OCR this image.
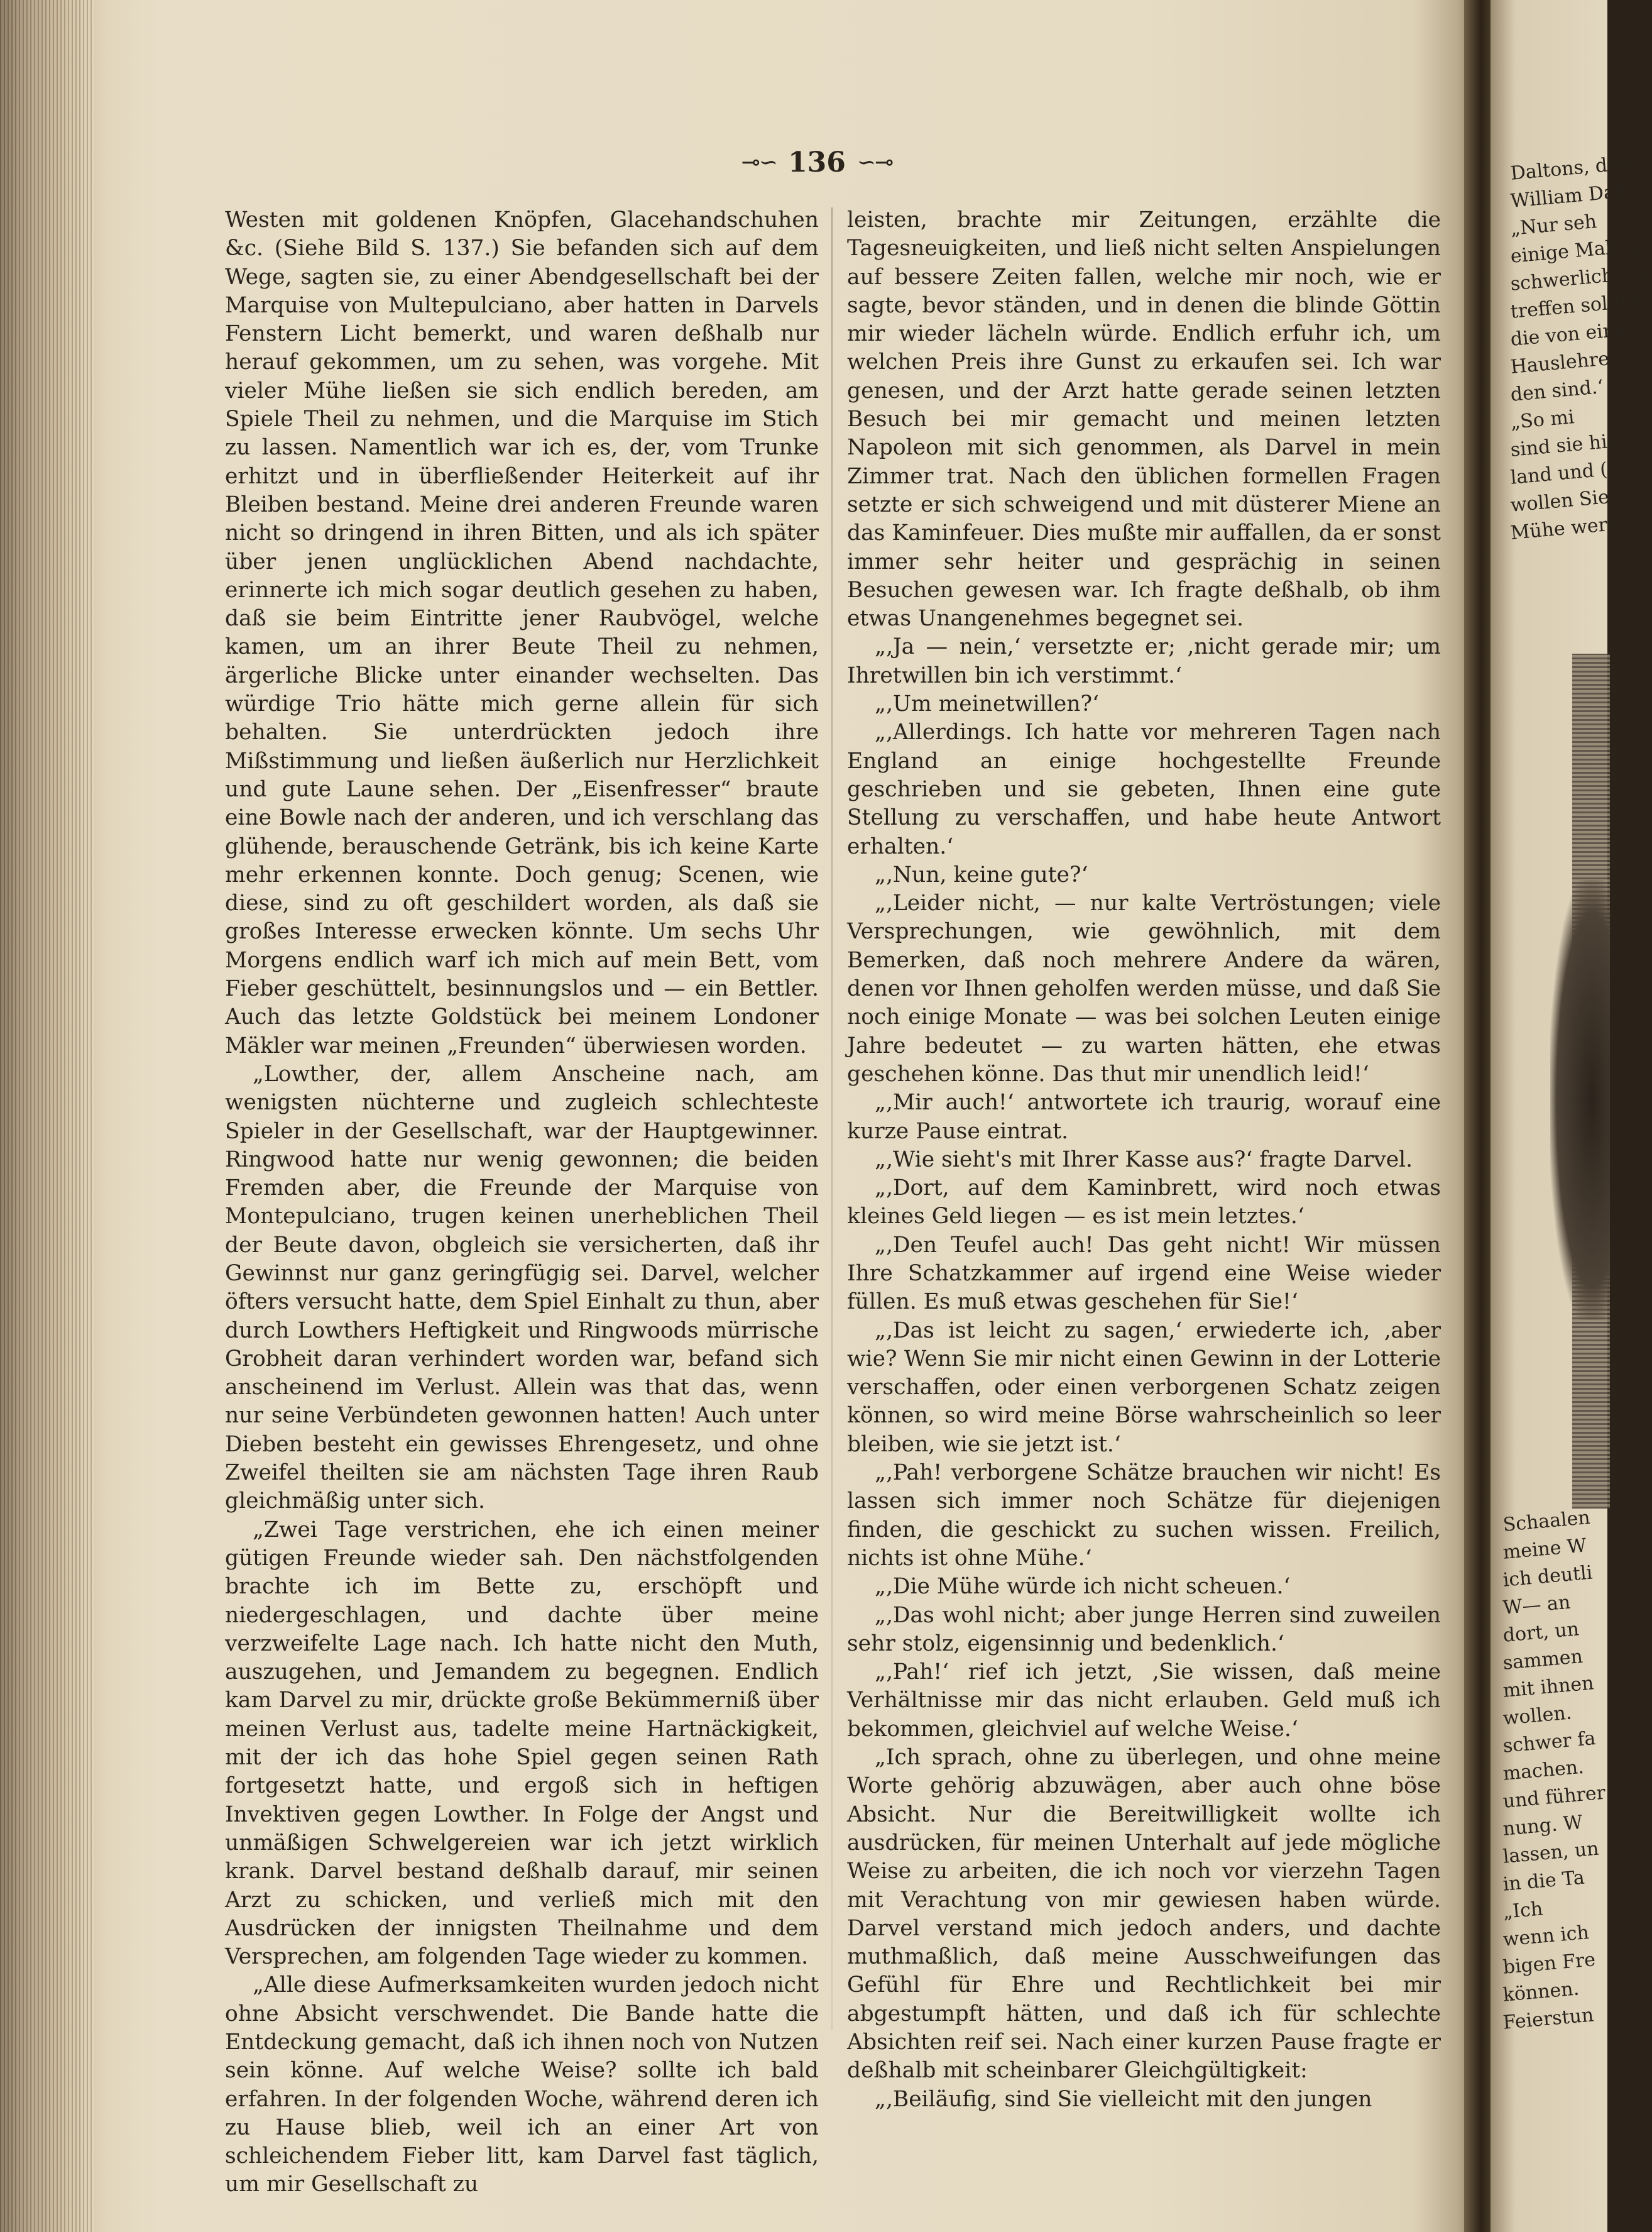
⊸∽ 136 ∽⊸

Westen mit goldenen Knöpfen, Glacehandschuhen &c. (Siehe Bild S. 137.) Sie befanden sich auf dem Wege, sagten sie, zu einer Abendgesellschaft bei der Marquise von Multepulciano, aber hatten in Darvels Fenstern Licht bemerkt, und waren deßhalb nur herauf gekommen, um zu sehen, was vorgehe. Mit vieler Mühe ließen sie sich endlich bereden, am Spiele Theil zu nehmen, und die Marquise im Stich zu lassen. Namentlich war ich es, der, vom Trunke erhitzt und in überfließender Heiterkeit auf ihr Bleiben bestand. Meine drei anderen Freunde waren nicht so dringend in ihren Bitten, und als ich später über jenen unglücklichen Abend nachdachte, erinnerte ich mich sogar deutlich gesehen zu haben, daß sie beim Eintritte jener Raubvögel, welche kamen, um an ihrer Beute Theil zu nehmen, ärgerliche Blicke unter einander wechselten. Das würdige Trio hätte mich gerne allein für sich behalten. Sie unterdrückten jedoch ihre Mißstimmung und ließen äußerlich nur Herzlichkeit und gute Laune sehen. Der „Eisenfresser“ braute eine Bowle nach der anderen, und ich verschlang das glühende, berauschende Getränk, bis ich keine Karte mehr erkennen konnte. Doch genug; Scenen, wie diese, sind zu oft geschildert worden, als daß sie großes Interesse erwecken könnte. Um sechs Uhr Morgens endlich warf ich mich auf mein Bett, vom Fieber geschüttelt, besinnungslos und — ein Bettler. Auch das letzte Goldstück bei meinem Londoner Mäkler war meinen „Freunden“ überwiesen worden.

„Lowther, der, allem Anscheine nach, am wenigsten nüchterne und zugleich schlechteste Spieler in der Gesellschaft, war der Hauptgewinner. Ringwood hatte nur wenig gewonnen; die beiden Fremden aber, die Freunde der Marquise von Montepulciano, trugen keinen unerheblichen Theil der Beute davon, obgleich sie versicherten, daß ihr Gewinnst nur ganz geringfügig sei. Darvel, welcher öfters versucht hatte, dem Spiel Einhalt zu thun, aber durch Lowthers Heftigkeit und Ringwoods mürrische Grobheit daran verhindert worden war, befand sich anscheinend im Verlust. Allein was that das, wenn nur seine Verbündeten gewonnen hatten! Auch unter Dieben besteht ein gewisses Ehrengesetz, und ohne Zweifel theilten sie am nächsten Tage ihren Raub gleichmäßig unter sich.

„Zwei Tage verstrichen, ehe ich einen meiner gütigen Freunde wieder sah. Den nächstfolgenden brachte ich im Bette zu, erschöpft und niedergeschlagen, und dachte über meine verzweifelte Lage nach. Ich hatte nicht den Muth, auszugehen, und Jemandem zu begegnen. Endlich kam Darvel zu mir, drückte große Bekümmerniß über meinen Verlust aus, tadelte meine Hartnäckigkeit, mit der ich das hohe Spiel gegen seinen Rath fortgesetzt hatte, und ergoß sich in heftigen Invektiven gegen Lowther. In Folge der Angst und unmäßigen Schwelgereien war ich jetzt wirklich krank. Darvel bestand deßhalb darauf, mir seinen Arzt zu schicken, und verließ mich mit den Ausdrücken der innigsten Theilnahme und dem Versprechen, am folgenden Tage wieder zu kommen.

„Alle diese Aufmerksamkeiten wurden jedoch nicht ohne Absicht verschwendet. Die Bande hatte die Entdeckung gemacht, daß ich ihnen noch von Nutzen sein könne. Auf welche Weise? sollte ich bald erfahren. In der folgenden Woche, während deren ich zu Hause blieb, weil ich an einer Art von schleichendem Fieber litt, kam Darvel fast täglich, um mir Gesellschaft zu

leisten, brachte mir Zeitungen, erzählte die Tagesneuigkeiten, und ließ nicht selten Anspielungen auf bessere Zeiten fallen, welche mir noch, wie er sagte, bevor ständen, und in denen die blinde Göttin mir wieder lächeln würde. Endlich erfuhr ich, um welchen Preis ihre Gunst zu erkaufen sei. Ich war genesen, und der Arzt hatte gerade seinen letzten Besuch bei mir gemacht und meinen letzten Napoleon mit sich genommen, als Darvel in mein Zimmer trat. Nach den üblichen formellen Fragen setzte er sich schweigend und mit düsterer Miene an das Kaminfeuer. Dies mußte mir auffallen, da er sonst immer sehr heiter und gesprächig in seinen Besuchen gewesen war. Ich fragte deßhalb, ob ihm etwas Unangenehmes begegnet sei.

„‚Ja — nein,‘ versetzte er; ‚nicht gerade mir; um Ihretwillen bin ich verstimmt.‘

„‚Um meinetwillen?‘

„‚Allerdings. Ich hatte vor mehreren Tagen nach England an einige hochgestellte Freunde geschrieben und sie gebeten, Ihnen eine gute Stellung zu verschaffen, und habe heute Antwort erhalten.‘

„‚Nun, keine gute?‘

„‚Leider nicht, — nur kalte Vertröstungen; viele Versprechungen, wie gewöhnlich, mit dem Bemerken, daß noch mehrere Andere da wären, denen vor Ihnen geholfen werden müsse, und daß Sie noch einige Monate — was bei solchen Leuten einige Jahre bedeutet — zu warten hätten, ehe etwas geschehen könne. Das thut mir unendlich leid!‘

„‚Mir auch!‘ antwortete ich traurig, worauf eine kurze Pause eintrat.

„‚Wie sieht's mit Ihrer Kasse aus?‘ fragte Darvel.

„‚Dort, auf dem Kaminbrett, wird noch etwas kleines Geld liegen — es ist mein letztes.‘

„‚Den Teufel auch! Das geht nicht! Wir müssen Ihre Schatzkammer auf irgend eine Weise wieder füllen. Es muß etwas geschehen für Sie!‘

„‚Das ist leicht zu sagen,‘ erwiederte ich, ‚aber wie? Wenn Sie mir nicht einen Gewinn in der Lotterie verschaffen, oder einen verborgenen Schatz zeigen können, so wird meine Börse wahrscheinlich so leer bleiben, wie sie jetzt ist.‘

„‚Pah! verborgene Schätze brauchen wir nicht! Es lassen sich immer noch Schätze für diejenigen finden, die geschickt zu suchen wissen. Freilich, nichts ist ohne Mühe.‘

„‚Die Mühe würde ich nicht scheuen.‘

„‚Das wohl nicht; aber junge Herren sind zuweilen sehr stolz, eigensinnig und bedenklich.‘

„‚Pah!‘ rief ich jetzt, ‚Sie wissen, daß meine Verhältnisse mir das nicht erlauben. Geld muß ich bekommen, gleichviel auf welche Weise.‘

„Ich sprach, ohne zu überlegen, und ohne meine Worte gehörig abzuwägen, aber auch ohne böse Absicht. Nur die Bereitwilligkeit wollte ich ausdrücken, für meinen Unterhalt auf jede mögliche Weise zu arbeiten, die ich noch vor vierzehn Tagen mit Verachtung von mir gewiesen haben würde. Darvel verstand mich jedoch anders, und dachte muthmaßlich, daß meine Ausschweifungen das Gefühl für Ehre und Rechtlichkeit bei mir abgestumpft hätten, und daß ich für schlechte Absichten reif sei. Nach einer kurzen Pause fragte er deßhalb mit scheinbarer Gleichgültigkeit:

„‚Beiläufig, sind Sie vielleicht mit den jungen

Daltons, den
William Dalt
„Nur seh
einige Male g
schwerlich mit
treffen sollten
die von einer
Hauslehrer e
den sind.‘
„So mi
sind sie hier
land und (
wollen Sie
Mühe wert
Schaalen
meine W
ich deutli
W— an
dort, un
sammen
mit ihnen
wollen.
schwer fa
machen.
und führer
nung. W
lassen, un
in die Ta
„Ich
wenn ich
bigen Fre
können.
Feierstun
